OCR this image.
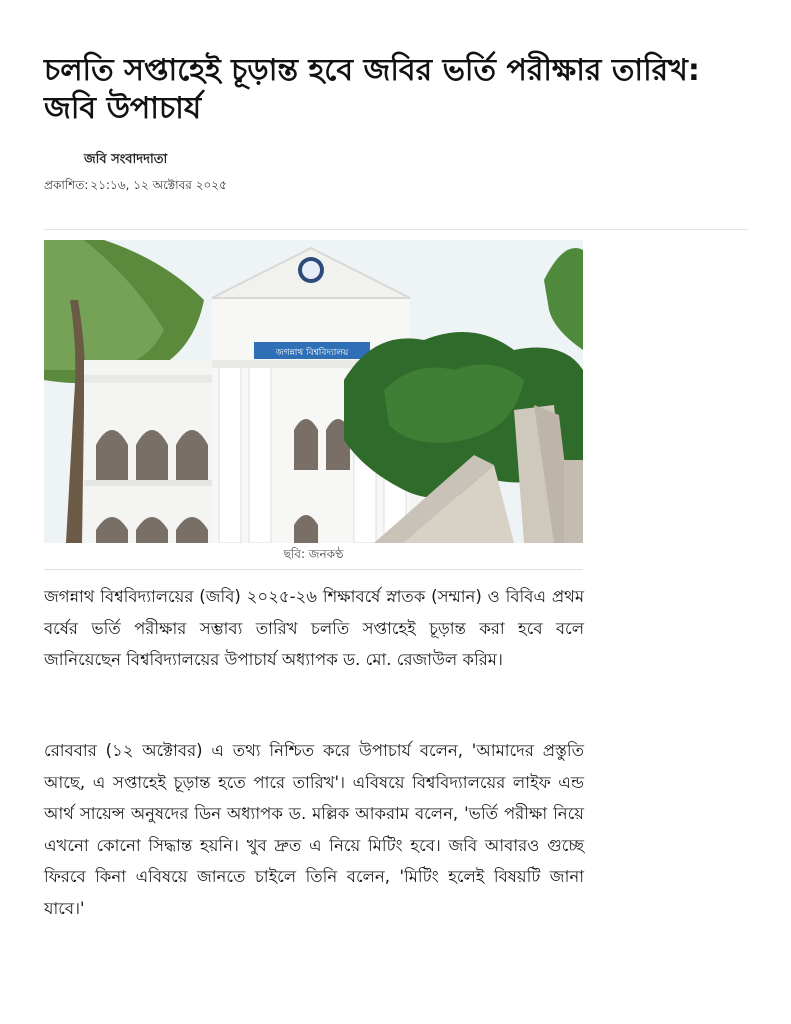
চলতি সপ্তাহেই চূড়ান্ত হবে জবির ভর্তি পরীক্ষার তারিখ: জবি উপাচার্য
জবি সংবাদদাতা
প্রকাশিত: ২১:১৬, ১২ অক্টোবর ২০২৫
জগন্নাথ বিশ্ববিদ্যালয়
ছবি: জনকণ্ঠ

জগন্নাথ বিশ্ববিদ্যালয়ের (জবি) ২০২৫-২৬ শিক্ষাবর্ষে স্নাতক (সম্মান) ও বিবিএ প্রথম বর্ষের ভর্তি পরীক্ষার সম্ভাব্য তারিখ চলতি সপ্তাহেই চূড়ান্ত করা হবে বলে জানিয়েছেন বিশ্ববিদ্যালয়ের উপাচার্য অধ্যাপক ড. মো. রেজাউল করিম।

রোববার (১২ অক্টোবর) এ তথ্য নিশ্চিত করে উপাচার্য বলেন, 'আমাদের প্রস্তুতি আছে, এ সপ্তাহেই চূড়ান্ত হতে পারে তারিখ'। এবিষয়ে বিশ্ববিদ্যালয়ের লাইফ এন্ড আর্থ সায়েন্স অনুষদের ডিন অধ্যাপক ড. মল্লিক আকরাম বলেন, 'ভর্তি পরীক্ষা নিয়ে এখনো কোনো সিদ্ধান্ত হয়নি। খুব দ্রুত এ নিয়ে মিটিং হবে। জবি আবারও গুচ্ছে ফিরবে কিনা এবিষয়ে জানতে চাইলে তিনি বলেন, 'মিটিং হলেই বিষয়টি জানা যাবে।'
